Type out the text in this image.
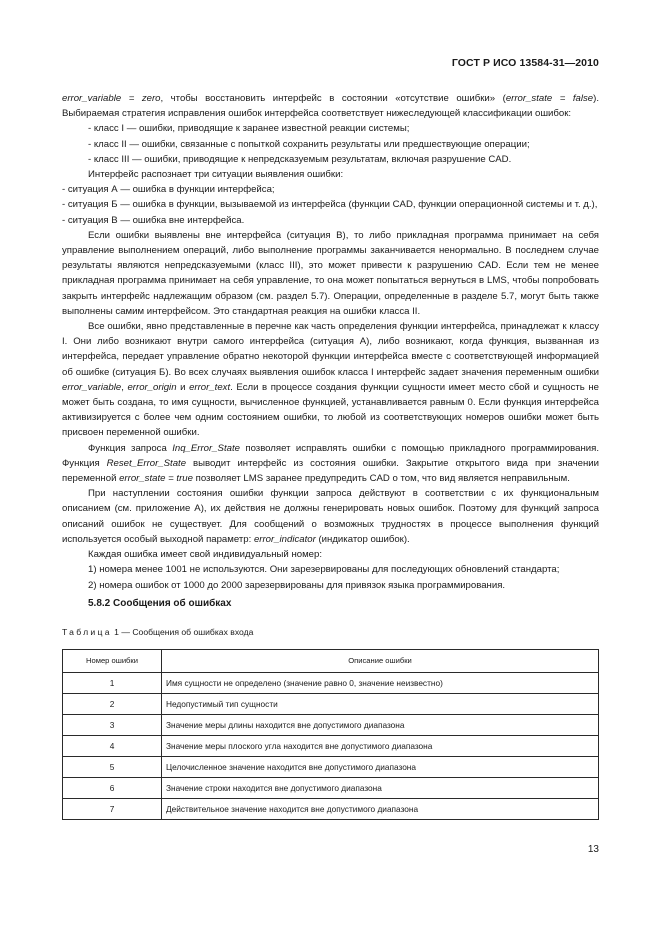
ГОСТ Р ИСО 13584-31—2010

error_variable = zero, чтобы восстановить интерфейс в состоянии «отсутствие ошибки» (error_state = false). Выбираемая стратегия исправления ошибок интерфейса соответствует нижеследующей классификации ошибок:

- класс I — ошибки, приводящие к заранее известной реакции системы;

- класс II — ошибки, связанные с попыткой сохранить результаты или предшествующие операции;

- класс III — ошибки, приводящие к непредсказуемым результатам, включая разрушение CAD.

Интерфейс распознает три ситуации выявления ошибки:

- ситуация А — ошибка в функции интерфейса;

- ситуация Б — ошибка в функции, вызываемой из интерфейса (функции CAD, функции операционной системы и т. д.),

- ситуация В — ошибка вне интерфейса.

Если ошибки выявлены вне интерфейса (ситуация В), то либо прикладная программа принимает на себя управление выполнением операций, либо выполнение программы заканчивается ненормально. В последнем случае результаты являются непредсказуемыми (класс III), это может привести к разрушению CAD. Если тем не менее прикладная программа принимает на себя управление, то она может попытаться вернуться в LMS, чтобы попробовать закрыть интерфейс надлежащим образом (см. раздел 5.7). Операции, определенные в разделе 5.7, могут быть также выполнены самим интерфейсом. Это стандартная реакция на ошибки класса II.

Все ошибки, явно представленные в перечне как часть определения функции интерфейса, принадлежат к классу I. Они либо возникают внутри самого интерфейса (ситуация А), либо возникают, когда функция, вызванная из интерфейса, передает управление обратно некоторой функции интерфейса вместе с соответствующей информацией об ошибке (ситуация Б). Во всех случаях выявления ошибок класса I интерфейс задает значения переменным ошибки error_variable, error_origin и error_text. Если в процессе создания функции сущности имеет место сбой и сущность не может быть создана, то имя сущности, вычисленное функцией, устанавливается равным 0. Если функция интерфейса активизируется с более чем одним состоянием ошибки, то любой из соответствующих номеров ошибки может быть присвоен переменной ошибки.

Функция запроса Inq_Error_State позволяет исправлять ошибки с помощью прикладного программирования. Функция Reset_Error_State выводит интерфейс из состояния ошибки. Закрытие открытого вида при значении переменной error_state = true позволяет LMS заранее предупредить CAD о том, что вид является неправильным.

При наступлении состояния ошибки функции запроса действуют в соответствии с их функциональным описанием (см. приложение А), их действия не должны генерировать новых ошибок. Поэтому для функций запроса описаний ошибок не существует. Для сообщений о возможных трудностях в процессе выполнения функций используется особый выходной параметр: error_indicator (индикатор ошибок).

Каждая ошибка имеет свой индивидуальный номер:

1) номера менее 1001 не используются. Они зарезервированы для последующих обновлений стандарта;

2) номера ошибок от 1000 до 2000 зарезервированы для привязок языка программирования.

5.8.2 Сообщения об ошибках

Таблица 1 — Сообщения об ошибках входа

Номер ошибки	Описание ошибки
1	Имя сущности не определено (значение равно 0, значение неизвестно)
2	Недопустимый тип сущности
3	Значение меры длины находится вне допустимого диапазона
4	Значение меры плоского угла находится вне допустимого диапазона
5	Целочисленное значение находится вне допустимого диапазона
6	Значение строки находится вне допустимого диапазона
7	Действительное значение находится вне допустимого диапазона
13
